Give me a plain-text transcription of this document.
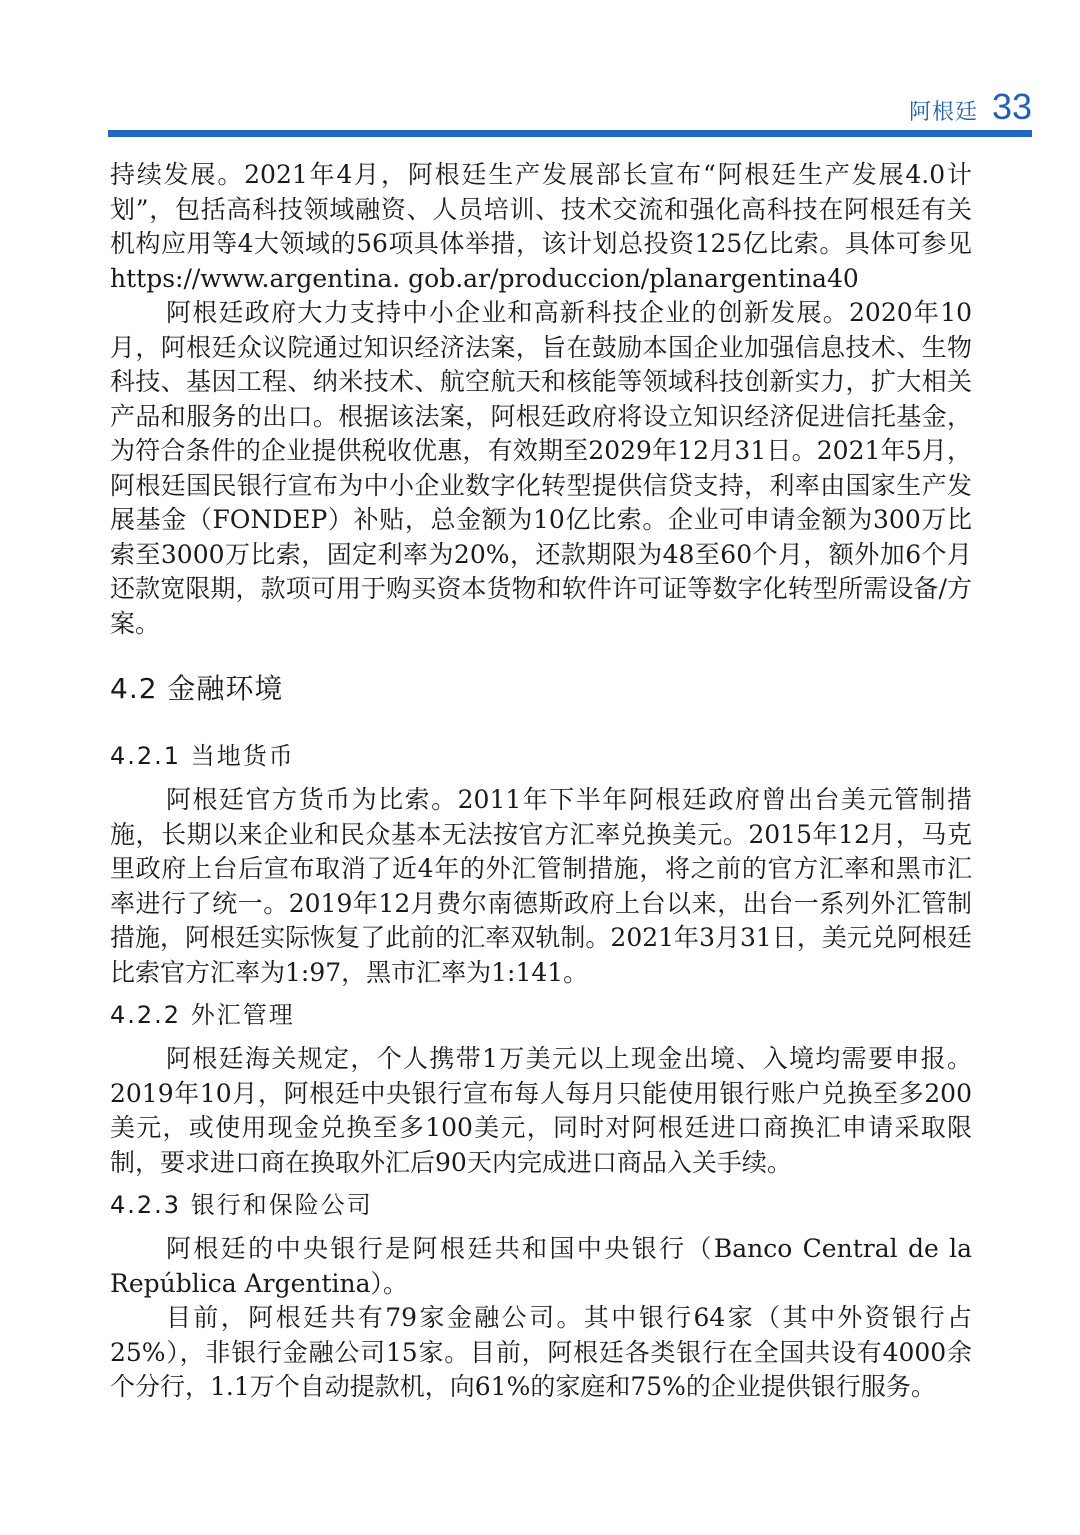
阿根廷 33

持续发展。2021年4月，阿根廷生产发展部长宣布“阿根廷生产发展4.0计划”，包括高科技领域融资、人员培训、技术交流和强化高科技在阿根廷有关机构应用等4大领域的56项具体举措，该计划总投资125亿比索。具体可参见https://www.argentina. gob.ar/produccion/planargentina40

阿根廷政府大力支持中小企业和高新科技企业的创新发展。2020年10月，阿根廷众议院通过知识经济法案，旨在鼓励本国企业加强信息技术、生物科技、基因工程、纳米技术、航空航天和核能等领域科技创新实力，扩大相关产品和服务的出口。根据该法案，阿根廷政府将设立知识经济促进信托基金，为符合条件的企业提供税收优惠，有效期至2029年12月31日。2021年5月，阿根廷国民银行宣布为中小企业数字化转型提供信贷支持，利率由国家生产发展基金（FONDEP）补贴，总金额为10亿比索。企业可申请金额为300万比索至3000万比索，固定利率为20%，还款期限为48至60个月，额外加6个月还款宽限期，款项可用于购买资本货物和软件许可证等数字化转型所需设备/方案。

4.2 金融环境
4.2.1 当地货币

阿根廷官方货币为比索。2011年下半年阿根廷政府曾出台美元管制措施，长期以来企业和民众基本无法按官方汇率兑换美元。2015年12月，马克里政府上台后宣布取消了近4年的外汇管制措施，将之前的官方汇率和黑市汇率进行了统一。2019年12月费尔南德斯政府上台以来，出台一系列外汇管制措施，阿根廷实际恢复了此前的汇率双轨制。2021年3月31日，美元兑阿根廷比索官方汇率为1:97，黑市汇率为1:141。

4.2.2 外汇管理

阿根廷海关规定，个人携带1万美元以上现金出境、入境均需要申报。2019年10月，阿根廷中央银行宣布每人每月只能使用银行账户兑换至多200美元，或使用现金兑换至多100美元，同时对阿根廷进口商换汇申请采取限制，要求进口商在换取外汇后90天内完成进口商品入关手续。

4.2.3 银行和保险公司

阿根廷的中央银行是阿根廷共和国中央银行（Banco Central de la República Argentina）。

目前，阿根廷共有79家金融公司。其中银行64家（其中外资银行占25%），非银行金融公司15家。目前，阿根廷各类银行在全国共设有4000余个分行，1.1万个自动提款机，向61%的家庭和75%的企业提供银行服务。
